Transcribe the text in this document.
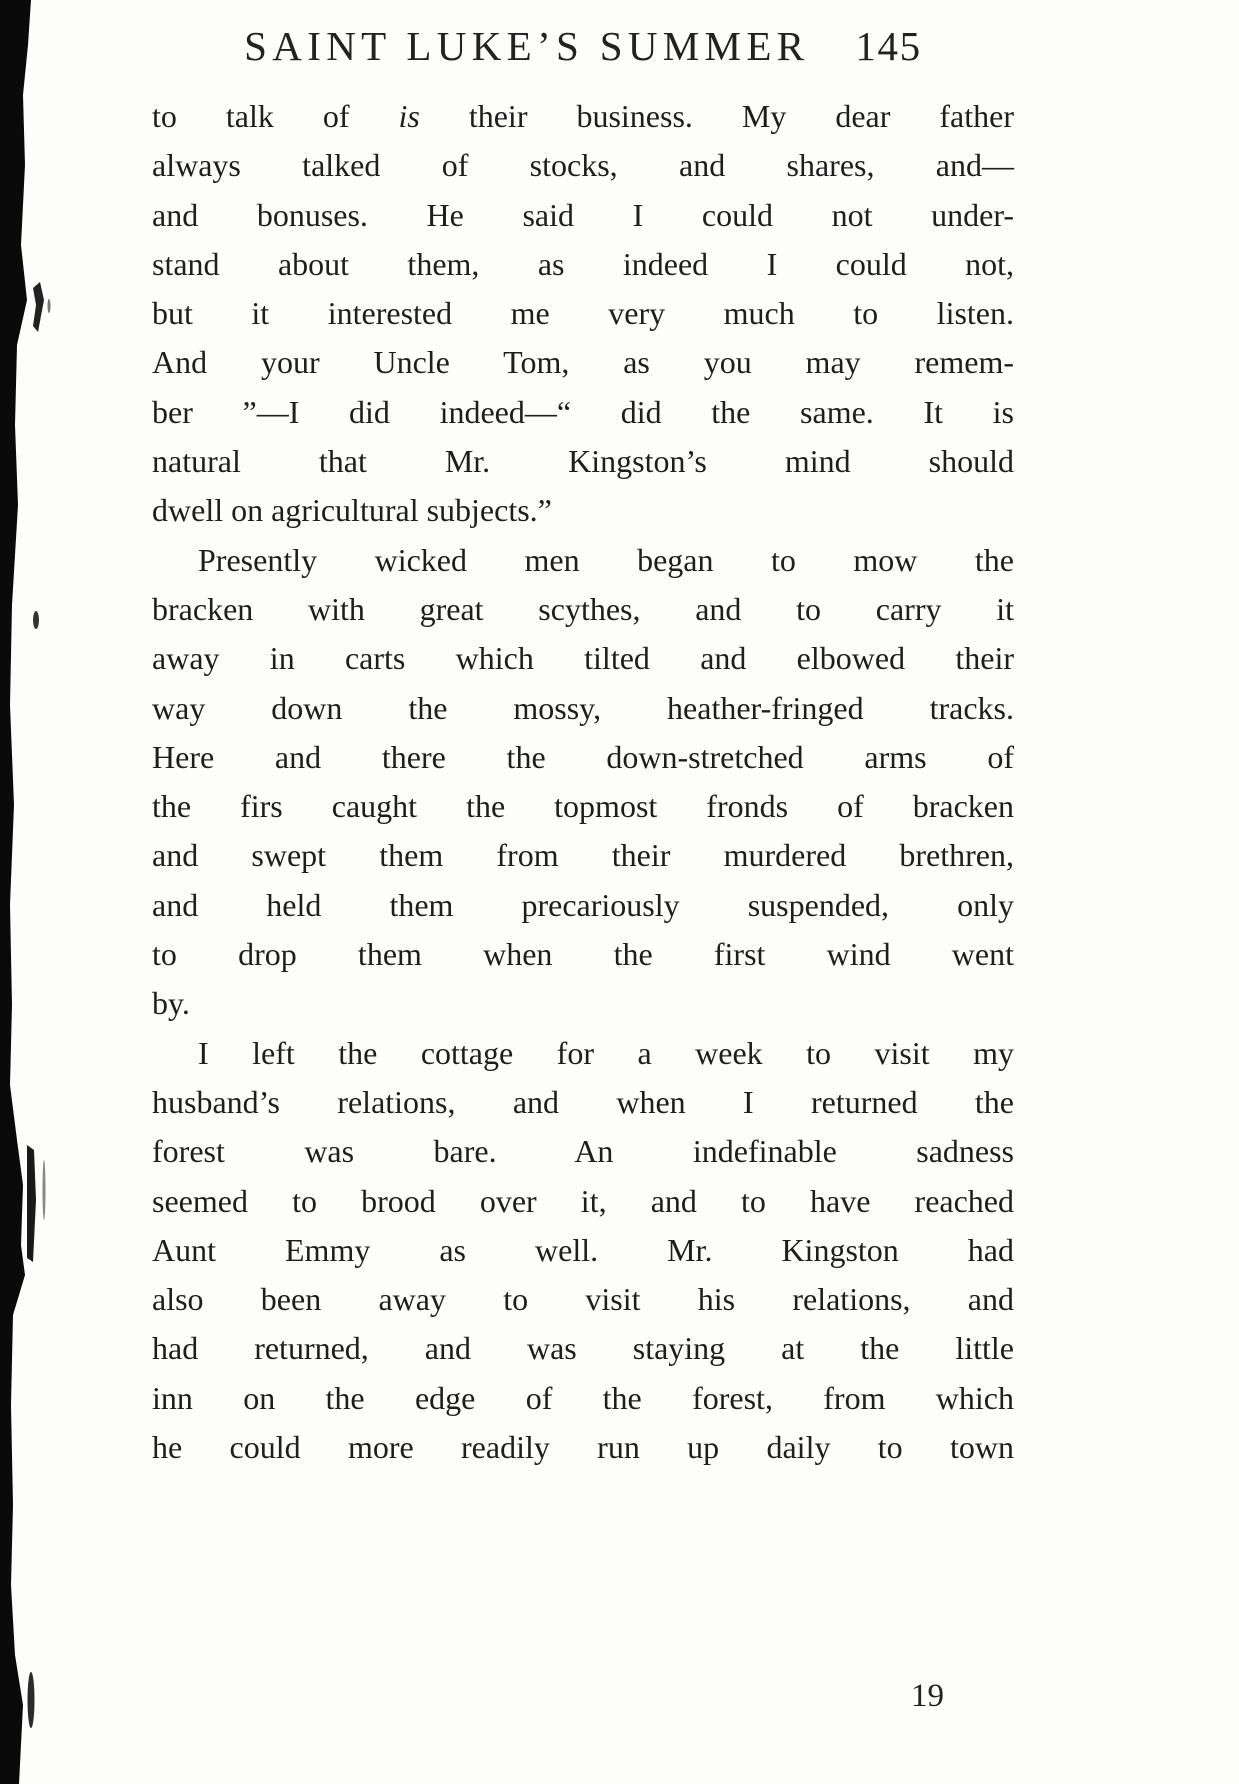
SAINT LUKE’S SUMMER 145
to talk of is their business. My dear father
always talked of stocks, and shares, and—
and bonuses. He said I could not under-
stand about them, as indeed I could not,
but it interested me very much to listen.
And your Uncle Tom, as you may remem-
ber ”—I did indeed—“ did the same. It is
natural that Mr. Kingston’s mind should
dwell on agricultural subjects.”
Presently wicked men began to mow the
bracken with great scythes, and to carry it
away in carts which tilted and elbowed their
way down the mossy, heather-fringed tracks.
Here and there the down-stretched arms of
the firs caught the topmost fronds of bracken
and swept them from their murdered brethren,
and held them precariously suspended, only
to drop them when the first wind went
by.
I left the cottage for a week to visit my
husband’s relations, and when I returned the
forest was bare. An indefinable sadness
seemed to brood over it, and to have reached
Aunt Emmy as well. Mr. Kingston had
also been away to visit his relations, and
had returned, and was staying at the little
inn on the edge of the forest, from which
he could more readily run up daily to town
19
